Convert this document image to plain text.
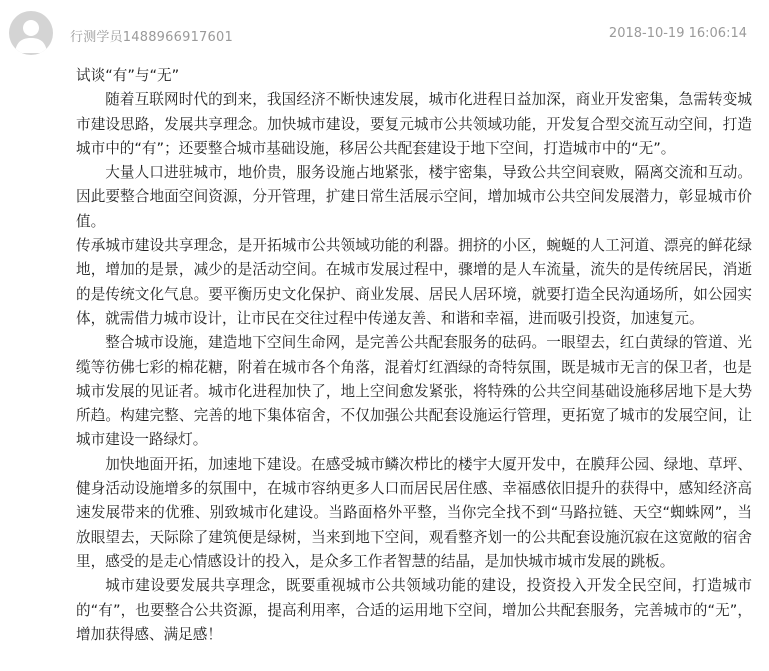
行测学员1488966917601	2018-10-19 16:06:14

试谈“有”与“无”

随着互联网时代的到来，我国经济不断快速发展，城市化进程日益加深，商业开发密集，急需转变城市建设思路，发展共享理念。加快城市建设，要复元城市公共领域功能，开发复合型交流互动空间，打造城市中的“有”；还要整合城市基础设施，移居公共配套建设于地下空间，打造城市中的“无”。

大量人口进驻城市，地价贵，服务设施占地紧张，楼宇密集，导致公共空间衰败，隔离交流和互动。因此要整合地面空间资源，分开管理，扩建日常生活展示空间，增加城市公共空间发展潜力，彰显城市价值。

传承城市建设共享理念，是开拓城市公共领域功能的利器。拥挤的小区，蜿蜒的人工河道、漂亮的鲜花绿地，增加的是景，减少的是活动空间。在城市发展过程中，骤增的是人车流量，流失的是传统居民，消逝的是传统文化气息。要平衡历史文化保护、商业发展、居民人居环境，就要打造全民沟通场所，如公园实体，就需借力城市设计，让市民在交往过程中传递友善、和谐和幸福，进而吸引投资，加速复元。

整合城市设施，建造地下空间生命网，是完善公共配套服务的砝码。一眼望去，红白黄绿的管道、光缆等彷佛七彩的棉花糖，附着在城市各个角落，混着灯红酒绿的奇特氛围，既是城市无言的保卫者，也是城市发展的见证者。城市化进程加快了，地上空间愈发紧张，将特殊的公共空间基础设施移居地下是大势所趋。构建完整、完善的地下集体宿舍，不仅加强公共配套设施运行管理，更拓宽了城市的发展空间，让城市建设一路绿灯。

加快地面开拓，加速地下建设。在感受城市鳞次栉比的楼宇大厦开发中，在膜拜公园、绿地、草坪、健身活动设施增多的氛围中，在城市容纳更多人口而居民居住感、幸福感依旧提升的获得中，感知经济高速发展带来的优雅、别致城市化建设。当路面格外平整，当你完全找不到“马路拉链、天空“蜘蛛网”，当放眼望去，天际除了建筑便是绿树，当来到地下空间，观看整齐划一的公共配套设施沉寂在这宽敞的宿舍里，感受的是走心情感设计的投入，是众多工作者智慧的结晶，是加快城市城市发展的跳板。

城市建设要发展共享理念，既要重视城市公共领域功能的建设，投资投入开发全民空间，打造城市的“有”，也要整合公共资源，提高利用率，合适的运用地下空间，增加公共配套服务，完善城市的“无”，增加获得感、满足感！
